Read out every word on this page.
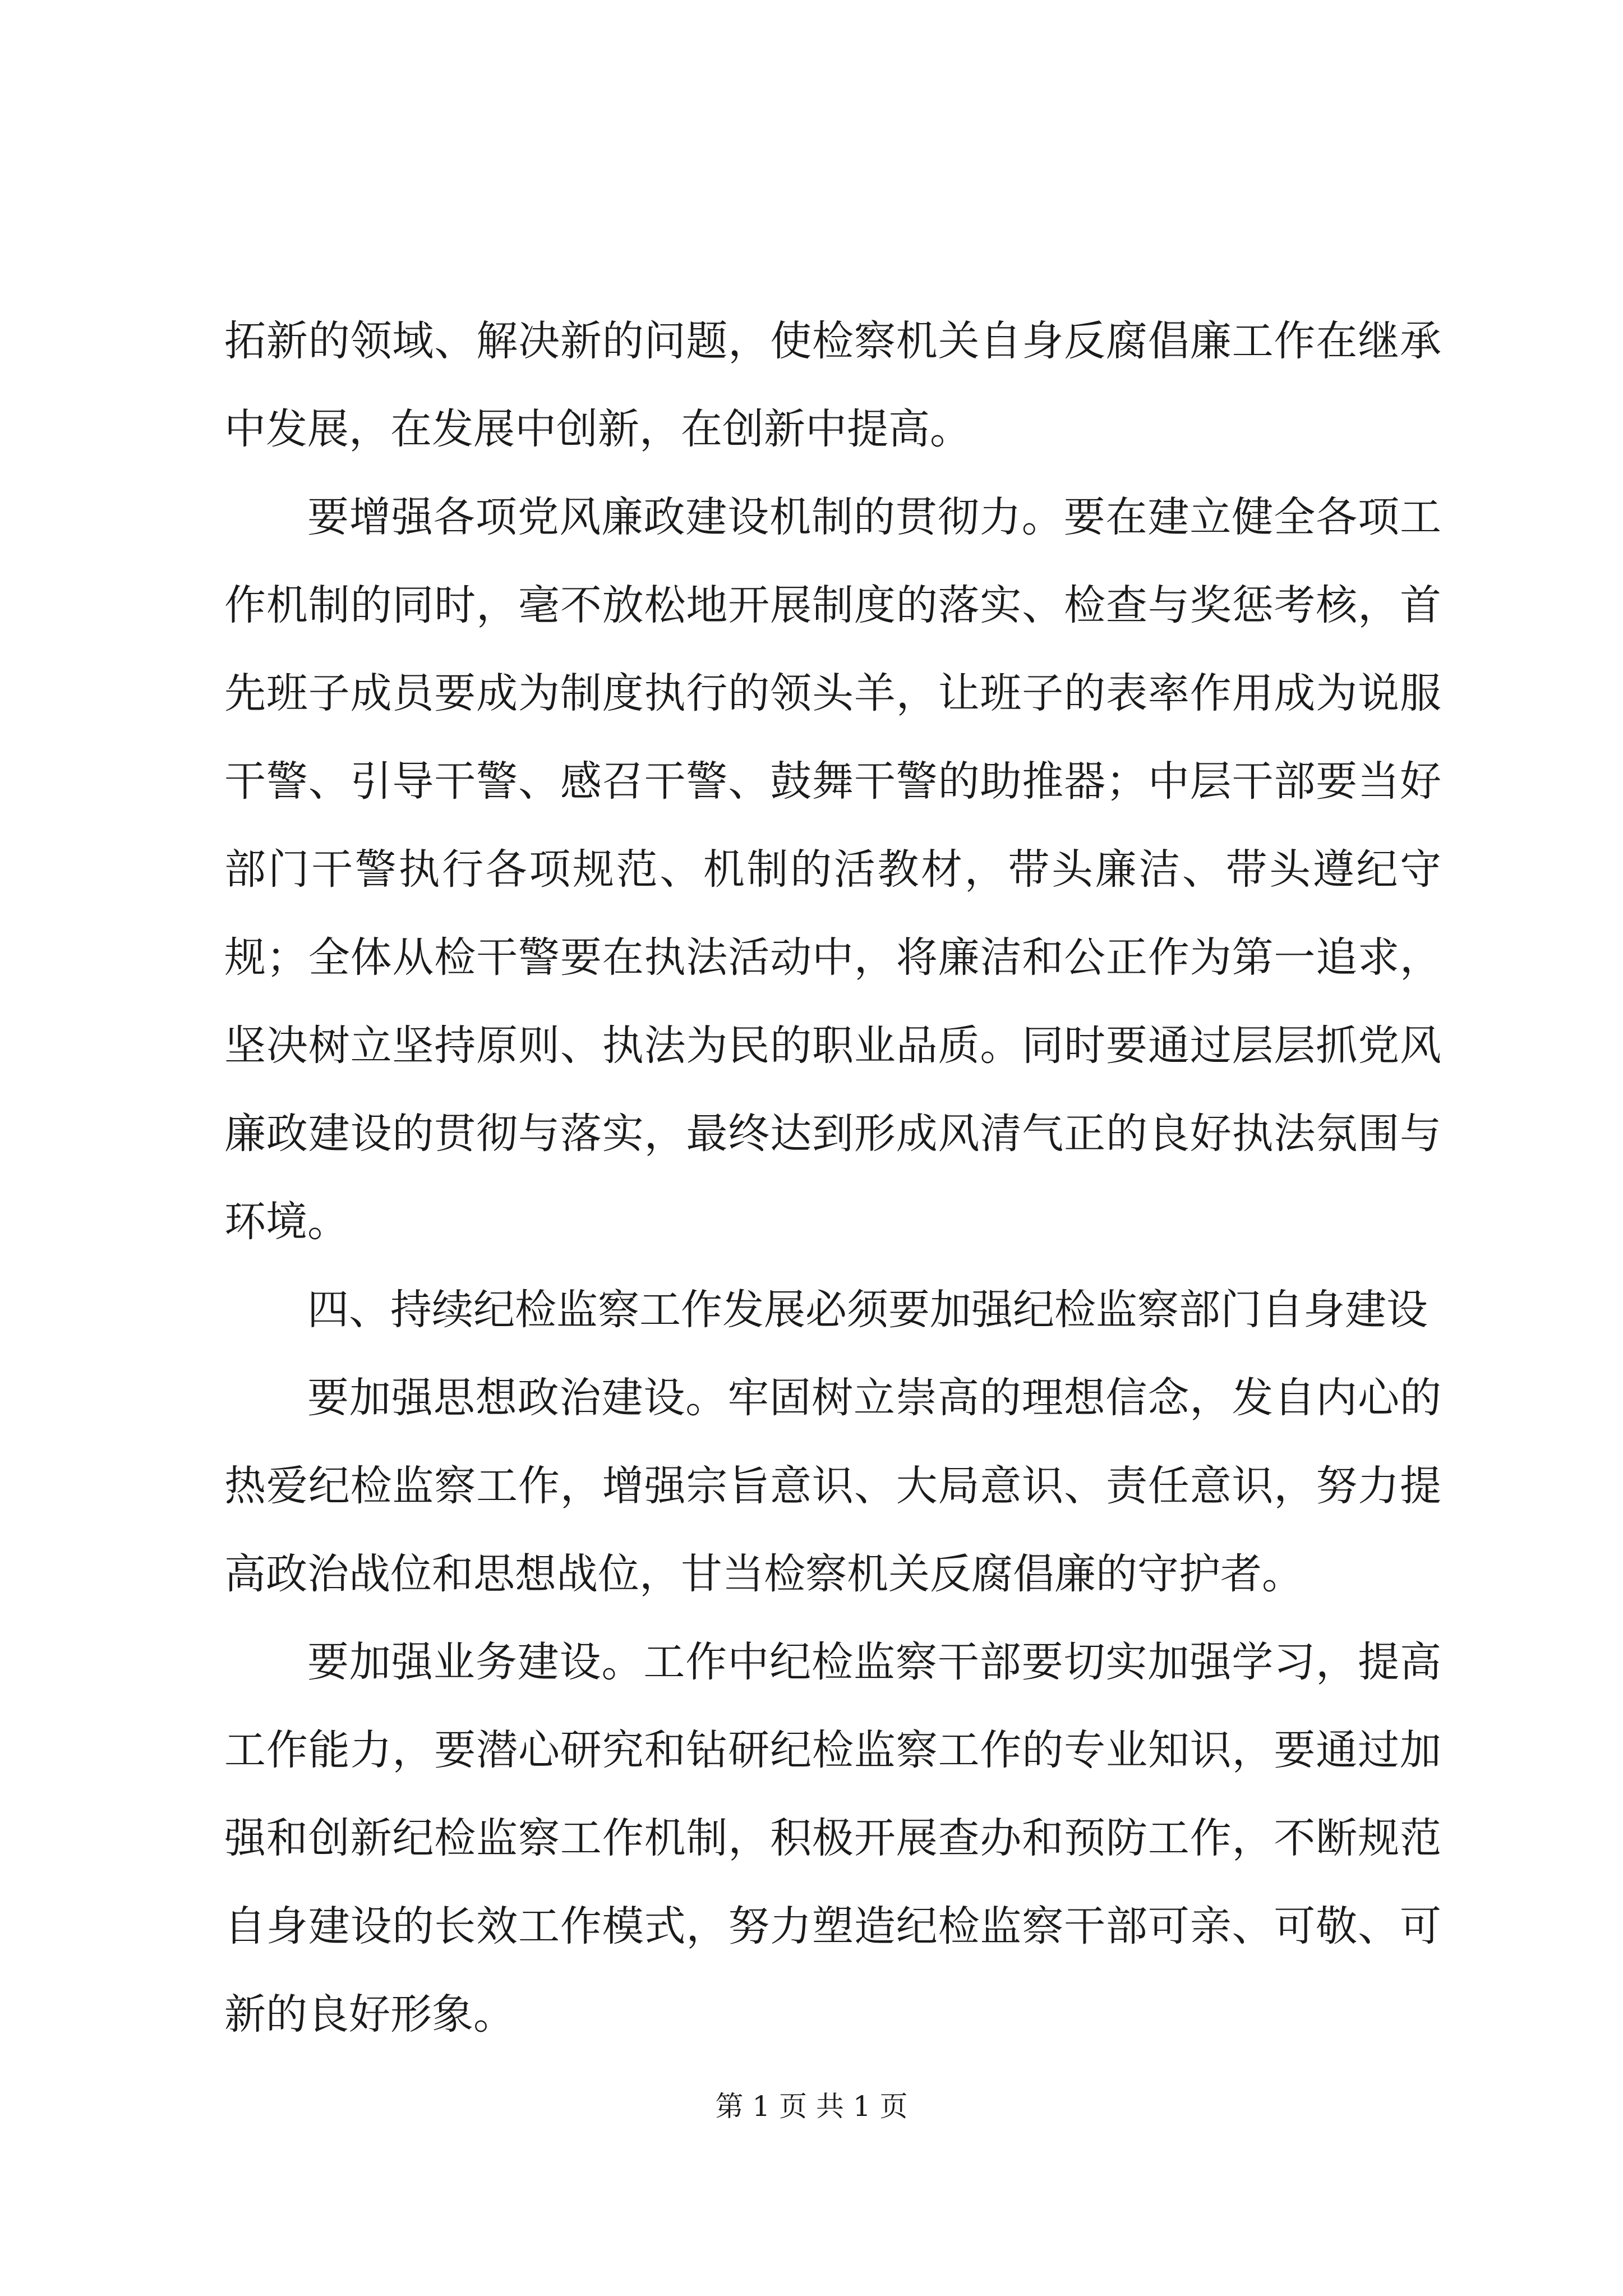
拓新的领域、解决新的问题，使检察机关自身反腐倡廉工作在继承中发展，在发展中创新，在创新中提高。

要增强各项党风廉政建设机制的贯彻力。要在建立健全各项工作机制的同时，毫不放松地开展制度的落实、检查与奖惩考核，首先班子成员要成为制度执行的领头羊，让班子的表率作用成为说服干警、引导干警、感召干警、鼓舞干警的助推器；中层干部要当好部门干警执行各项规范、机制的活教材，带头廉洁、带头遵纪守规；全体从检干警要在执法活动中，将廉洁和公正作为第一追求，坚决树立坚持原则、执法为民的职业品质。同时要通过层层抓党风廉政建设的贯彻与落实，最终达到形成风清气正的良好执法氛围与环境。

四、持续纪检监察工作发展必须要加强纪检监察部门自身建设

要加强思想政治建设。牢固树立崇高的理想信念，发自内心的热爱纪检监察工作，增强宗旨意识、大局意识、责任意识，努力提高政治战位和思想战位，甘当检察机关反腐倡廉的守护者。

要加强业务建设。工作中纪检监察干部要切实加强学习，提高工作能力，要潜心研究和钻研纪检监察工作的专业知识，要通过加强和创新纪检监察工作机制，积极开展查办和预防工作，不断规范自身建设的长效工作模式，努力塑造纪检监察干部可亲、可敬、可新的良好形象。

第 1 页 共 1 页
